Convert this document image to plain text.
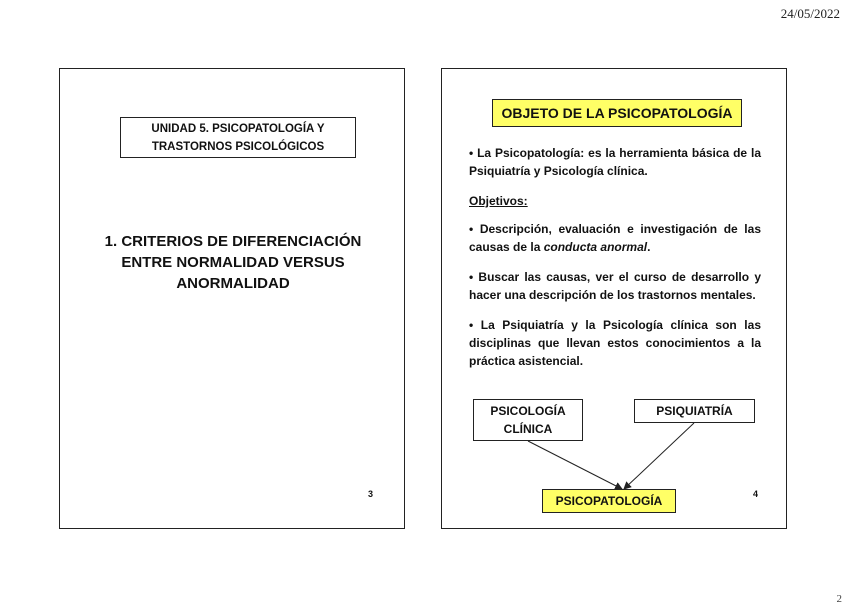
24/05/2022
UNIDAD 5. PSICOPATOLOGÍA Y TRASTORNOS PSICOLÓGICOS
1. CRITERIOS DE DIFERENCIACIÓN ENTRE NORMALIDAD VERSUS ANORMALIDAD
3
OBJETO DE LA PSICOPATOLOGÍA

• La Psicopatología: es la herramienta básica de la Psiquiatría y Psicología clínica.

Objetivos:

• Descripción, evaluación e investigación de las causas de la conducta anormal.

• Buscar las causas, ver el curso de desarrollo y hacer una descripción de los trastornos mentales.

• La Psiquiatría y la Psicología clínica son las disciplinas que llevan estos conocimientos a la práctica asistencial.

PSICOLOGÍA CLÍNICA
PSIQUIATRÍA
PSICOPATOLOGÍA	4
2
